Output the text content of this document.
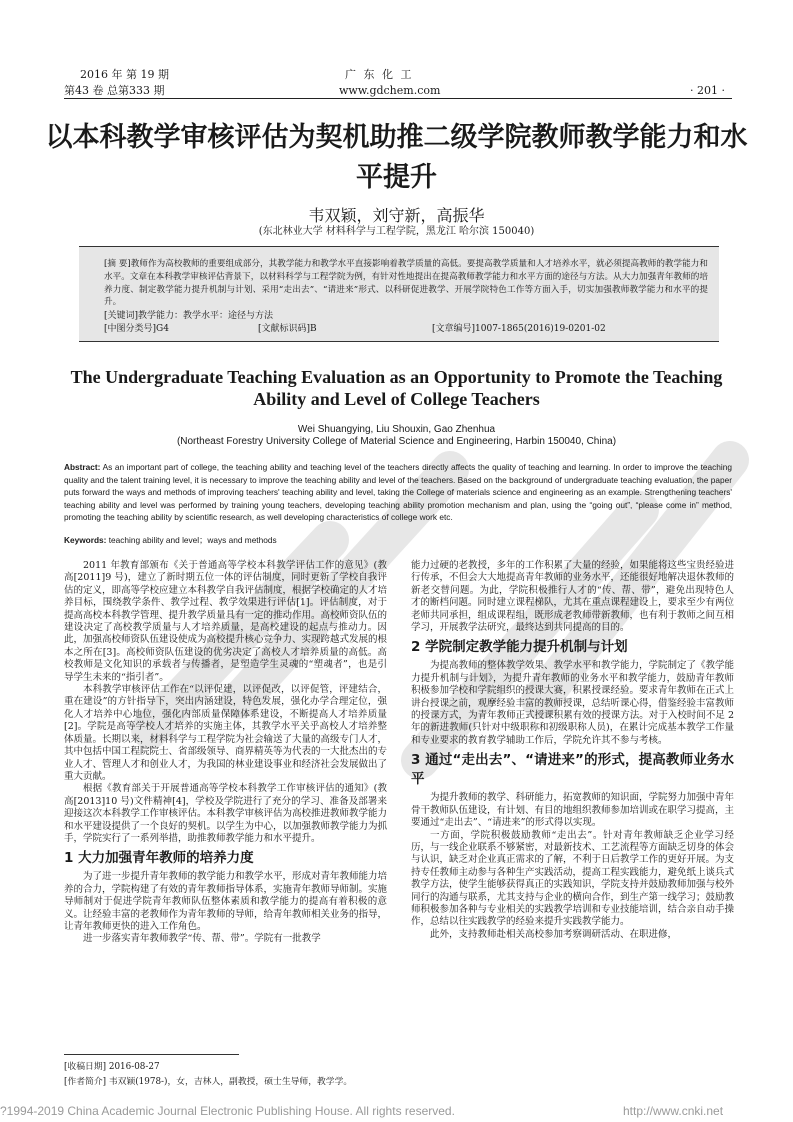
2016 年 第 19 期
第43 卷 总第333 期
广 东 化 工
www.gdchem.com	· 201 ·
以本科教学审核评估为契机助推二级学院教师教学能力和水平提升
韦双颖，刘守新，高振华
(东北林业大学 材料科学与工程学院，黑龙江 哈尔滨 150040)
[摘 要]教师作为高校教师的重要组成部分，其教学能力和教学水平直接影响着教学质量的高低。要提高教学质量和人才培养水平，就必须提高教师的教学能力和水平。文章在本科教学审核评估背景下，以材料科学与工程学院为例，有针对性地提出在提高教师教学能力和水平方面的途径与方法。从大力加强青年教师的培养力度、制定教学能力提升机制与计划、采用“走出去”、“请进来”形式、以科研促进教学、开展学院特色工作等方面入手，切实加强教师教学能力和水平的提升。
[关键词]教学能力：教学水平：途径与方法
[中图分类号]G4	[文献标识码]B	[文章编号]1007-1865(2016)19-0201-02
The Undergraduate Teaching Evaluation as an Opportunity to Promote the Teaching Ability and Level of College Teachers
Wei Shuangying, Liu Shouxin, Gao Zhenhua
(Northeast Forestry University College of Material Science and Engineering, Harbin 150040, China)
Abstract: As an important part of college, the teaching ability and teaching level of the teachers directly affects the quality of teaching and learning. In order to improve the teaching quality and the talent training level, it is necessary to improve the teaching ability and level of the teachers. Based on the background of undergraduate teaching evaluation, the paper puts forward the ways and methods of improving teachers' teaching ability and level, taking the College of materials science and engineering as an example. Strengthening teachers' teaching ability and level was performed by training young teachers, developing teaching ability promotion mechanism and plan, using the “going out”, “please come in” method, promoting the teaching ability by scientific research, as well developing characteristics of college work etc.
Keywords: teaching ability and level；ways and methods

2011 年教育部颁布《关于普通高等学校本科教学评估工作的意见》(教高[2011]9 号)，建立了新时期五位一体的评估制度，同时更新了学校自我评估的定义，即高等学校应建立本科教学自我评估制度，根据学校确定的人才培养目标，围绕教学条件、教学过程、教学效果进行评估[1]。评估制度，对于提高高校本科教学管理、提升教学质量具有一定的推动作用。高校师资队伍的建设决定了高校教学质量与人才培养质量，是高校建设的起点与推动力。因此，加强高校师资队伍建设使成为高校提升核心竞争力、实现跨越式发展的根本之所在[3]。高校师资队伍建设的优劣决定了高校人才培养质量的高低。高校教师是文化知识的承载者与传播者，是塑造学生灵魂的“塑魂者”，也是引导学生未来的“指引者”。

本科教学审核评估工作在“以评促建，以评促改，以评促管，评建结合，重在建设”的方针指导下，突出内涵建设，特色发展，强化办学合理定位，强化人才培养中心地位，强化内部质量保障体系建设，不断提高人才培养质量[2]。学院是高等学校人才培养的实施主体，其教学水平关乎高校人才培养整体质量。长期以来，材料科学与工程学院为社会输送了大量的高级专门人才，其中包括中国工程院院士、省部级领导、商界精英等为代表的一大批杰出的专业人才、管理人才和创业人才，为我国的林业建设事业和经济社会发展做出了重大贡献。

根据《教育部关于开展普通高等学校本科教学工作审核评估的通知》(教高[2013]10 号)文件精神[4]，学校及学院进行了充分的学习、准备及部署来迎接这次本科教学工作审核评估。本科教学审核评估为高校推进教师教学能力和水平建设提供了一个良好的契机。以学生为中心，以加强教师教学能力为抓手，学院实行了一系列举措，助推教师教学能力和水平提升。

1 大力加强青年教师的培养力度

为了进一步提升青年教师的教学能力和教学水平，形成对青年教师能力培养的合力，学院构建了有效的青年教师指导体系，实施青年教师导师制。实施导师制对于促进学院青年教师队伍整体素质和教学能力的提高有着积极的意义。让经验丰富的老教师作为青年教师的导师，给青年教师相关业务的指导，让青年教师更快的进入工作角色。

进一步落实青年教师教学“传、帮、带”。学院有一批教学

能力过硬的老教授，多年的工作积累了大量的经验，如果能将这些宝贵经验进行传承，不但会大大地提高青年教师的业务水平，还能很好地解决退休教师的新老交替问题。为此，学院积极推行人才的“传、帮、带”，避免出现特色人才的断档问题。同时建立课程梯队，尤其在重点课程建设上，要求至少有两位老师共同承担，组成课程组，既形成老教师带新教师，也有利于教师之间互相学习，开展教学法研究，最终达到共同提高的目的。

2 学院制定教学能力提升机制与计划

为提高教师的整体教学效果、教学水平和教学能力，学院制定了《教学能力提升机制与计划》，为提升青年教师的业务水平和教学能力，鼓励青年教师积极参加学校和学院组织的授课大赛，积累授课经验。要求青年教师在正式上讲台授课之前，观摩经验丰富的教师授课，总结听课心得，借鉴经验丰富教师的授课方式，为青年教师正式授课积累有效的授课方法。对于入校时间不足 2 年的新进教师(只针对中级职称和初级职称人员)，在累计完成基本教学工作量和专业要求的教育教学辅助工作后，学院允许其不参与考核。

3 通过“走出去”、“请进来”的形式，提高教师业务水平

为提升教师的教学、科研能力，拓宽教师的知识面，学院努力加强中青年骨干教师队伍建设，有计划、有目的地组织教师参加培训或在职学习提高，主要通过“走出去”、“请进来”的形式得以实现。

一方面，学院积极鼓励教师“走出去”。针对青年教师缺乏企业学习经历，与一线企业联系不够紧密，对最新技术、工艺流程等方面缺乏切身的体会与认识，缺乏对企业真正需求的了解，不利于日后教学工作的更好开展。为支持专任教师主动参与各种生产实践活动，提高工程实践能力，避免纸上谈兵式教学方法，使学生能够获得真正的实践知识，学院支持并鼓励教师加强与校外同行的沟通与联系，尤其支持与企业的横向合作，到生产第一线学习；鼓励教师积极参加各种与专业相关的实践教学培训和专业技能培训，结合亲自动手操作，总结以往实践教学的经验来提升实践教学能力。

此外，支持教师赴相关高校参加考察调研活动、在职进修，

[收稿日期] 2016-08-27
[作者简介] 韦双颖(1978-)，女，吉林人，副教授，硕士生导师，教学学。
?1994-2019 China Academic Journal Electronic Publishing House. All rights reserved.	http://www.cnki.net
